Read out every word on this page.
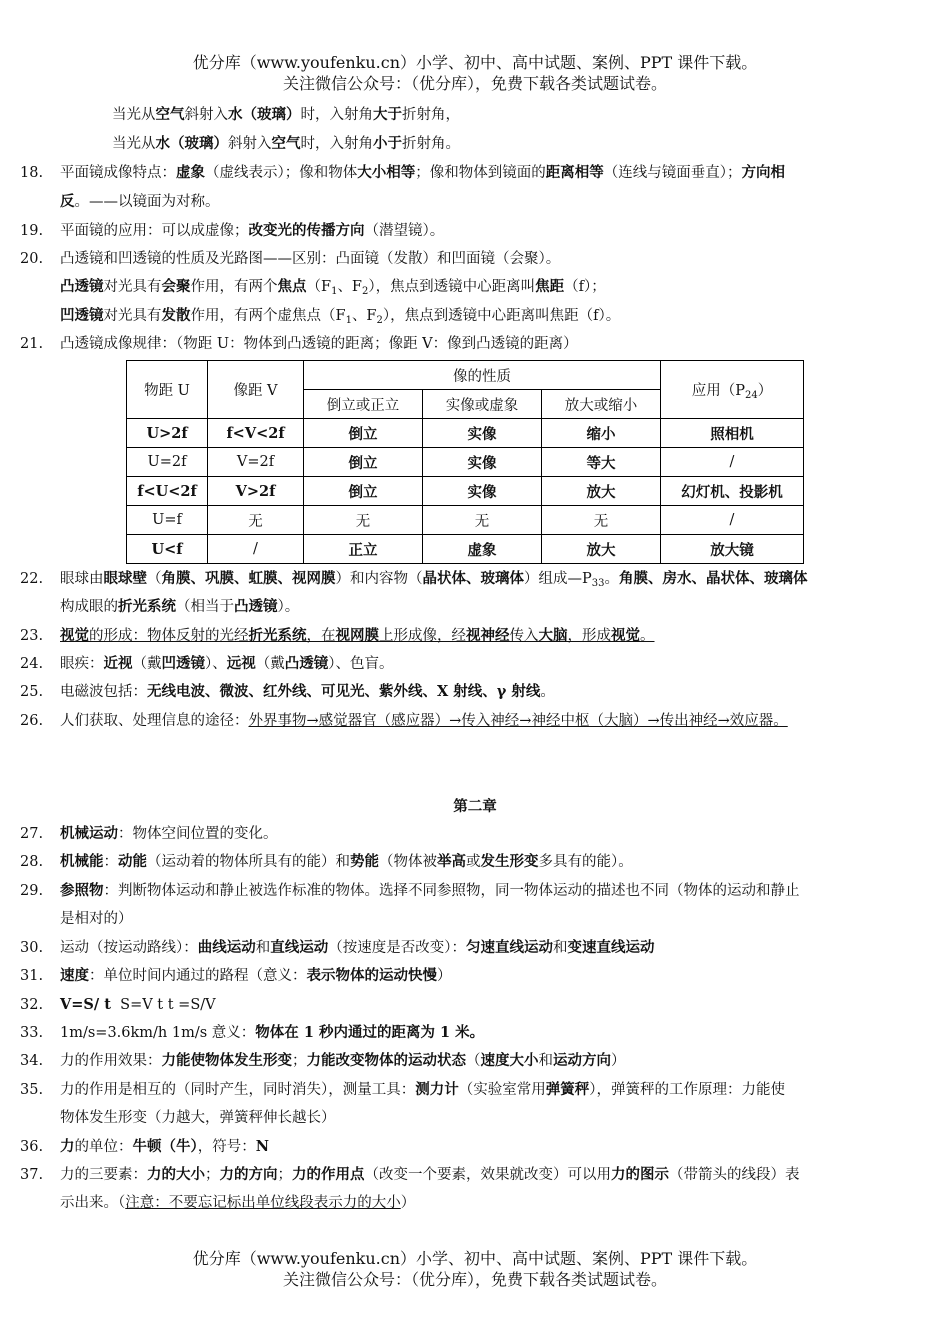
优分库（www.youfenku.cn）小学、初中、高中试题、案例、PPT 课件下载。
关注微信公众号：（优分库），免费下载各类试题试卷。
当光从空气斜射入水（玻璃）时，入射角大于折射角，
当光从水（玻璃）斜射入空气时，入射角小于折射角。
18.	平面镜成像特点：虚象（虚线表示）；像和物体大小相等；像和物体到镜面的距离相等（连线与镜面垂直）；方向相
反。——以镜面为对称。
19.	平面镜的应用：可以成虚像；改变光的传播方向（潜望镜）。
20.	凸透镜和凹透镜的性质及光路图——区别：凸面镜（发散）和凹面镜（会聚）。
凸透镜对光具有会聚作用，有两个焦点（$F_1$、$F_2$），焦点到透镜中心距离叫焦距（f）；
凹透镜对光具有发散作用，有两个虚焦点（$F_1$、$F_2$），焦点到透镜中心距离叫焦距（f）。
21.	凸透镜成像规律：（物距 U：物体到凸透镜的距离；像距 V：像到凸透镜的距离）
物距 U	像距 V	像的性质			应用$(P_{24})$
		倒立或正立	实像或虚象	放大或缩小	
U>2f	f<V<2f	倒立	实像	缩小	照相机
U=2f	V=2f	倒立	实像	等大	/
f<U<2f	V>2f	倒立	实像	放大	幻灯机、投影机
U=f	无	无	无	无	/
U<f	/	正立	虚象	放大	放大镜
22.	眼球由眼球壁（角膜、巩膜、虹膜、视网膜）和内容物（晶状体、玻璃体）组成$—P_{33}$。角膜、房水、晶状体、玻璃体
构成眼的折光系统（相当于凸透镜）。
23.	视觉的形成：物体反射的光经折光系统，在视网膜上形成像，经视神经传入大脑，形成视觉。
24.	眼疾：近视（戴凹透镜）、远视（戴凸透镜）、色盲。
25.	电磁波包括：无线电波、微波、红外线、可见光、紫外线、X 射线、γ 射线。
26.	人们获取、处理信息的途径：外界事物→感觉器官（感应器）→传入神经→神经中枢（大脑）→传出神经→效应器。
第二章
27.	机械运动：物体空间位置的变化。
28.	机械能：动能（运动着的物体所具有的能）和势能（物体被举高或发生形变多具有的能）。
29.	参照物：判断物体运动和静止被选作标准的物体。选择不同参照物，同一物体运动的描述也不同（物体的运动和静止
是相对的）
30.	运动（按运动路线）：曲线运动和直线运动（按速度是否改变）：匀速直线运动和变速直线运动
31.	速度：单位时间内通过的路程（意义：表示物体的运动快慢）
32.	V=S/ t S=V t t =S/V
33.	1m/s=3.6km/h 1m/s 意义：物体在 1 秒内通过的距离为 1 米。
34.	力的作用效果：力能使物体发生形变；力能改变物体的运动状态（速度大小和运动方向）
35.	力的作用是相互的（同时产生，同时消失），测量工具：测力计（实验室常用弹簧秤），弹簧秤的工作原理：力能使
物体发生形变（力越大，弹簧秤伸长越长）
36.	力的单位：牛顿（牛），符号：N
37.	力的三要素：力的大小；力的方向；力的作用点（改变一个要素，效果就改变）可以用力的图示（带箭头的线段）表
示出来。（注意：不要忘记标出单位线段表示力的大小）
优分库（www.youfenku.cn）小学、初中、高中试题、案例、PPT 课件下载。
关注微信公众号：（优分库），免费下载各类试题试卷。
